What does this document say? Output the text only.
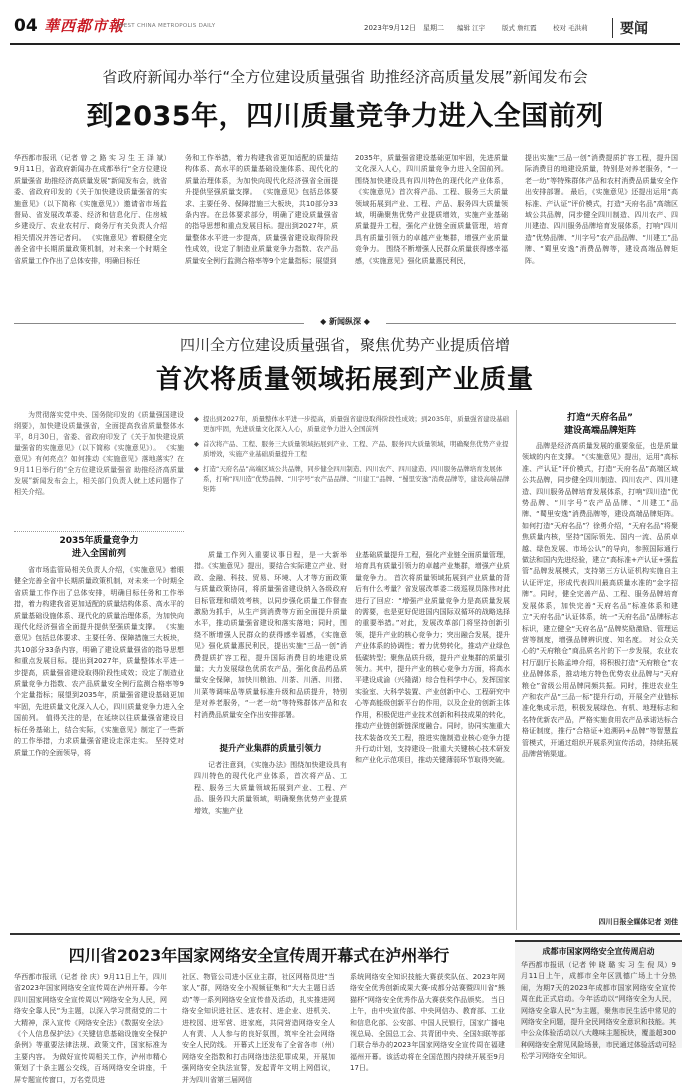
04 華西都市報
WEST CHINA METROPOLIS DAILY	2023年9月12日 星期二 编辑 江宇	版式 詹红霞	校对 毛洪莉 要闻
省政府新闻办举行“全方位建设质量强省 助推经济高质量发展”新闻发布会
到2035年，四川质量竞争力进入全国前列

华西都市报讯（记者 曾 之 路 实 习 生 王 泽 斌）9月11日，省政府新闻办在成都举行“全方位建设质量强省 助推经济高质量发展”新闻发布会，就省委、省政府印发的《关于加快建设质量强省的实施意见》（以下简称《实施意见》）邀请省市场监督局、省发展改革委、经济和信息化厅、住房城乡建设厅、农业农村厅、商务厅有关负责人介绍相关情况并答记者问。 《实施意见》着眼健全完善全省中长期质量政策机制，对未来一个时期全省质量工作作出了总体安排，明确目标任

务和工作举措，着力构建我省更加适配的质量结构体系、高水平的质量基础设施体系、现代化的质量治理体系，为加快向现代化经济强省全面提升提供坚强质量支撑。 《实施意见》包括总体要求、主要任务、保障措施三大板块，共10部分33条内容。在总体要求部分，明确了建设质量强省的指导思想和重点发展目标。提出到2027年，质量整体水平进一步提高，质量强省建设取得阶段性成效，设定了制造业质量竞争力指数、农产品质量安全例行监测合格率等9个定量指标；展望到

2035年，质量强省建设基础更加牢固，先进质量文化深入人心，四川质量竞争力进入全国前列。 围绕加快建设具有四川特色的现代化产业体系，《实施意见》首次将产品、工程、服务三大质量领域拓展到产业、工程、产品、服务四大质量领域，明确聚焦优势产业提质增效，实施产业基础质量提升工程，强化产业链全面质量管理，培育具有质量引领力的卓越产业集群，增强产业质量竞争力。 围绕不断增强人民群众质量获得感幸福感，《实施意见》强化质量惠民利民，

提出实施“三品一创”消费提质扩容工程，提升国际消费目的地建设质量，特别是对养老服务，“一老一幼”等特殊群体产品和农村消费品质量安全作出安排部署。 最后，《实施意见》还提出运用“高标准、产认证”评价模式，打造“天府名品”高端区域公共品牌，同步健全四川制造、四川农产、四川建造、四川服务品牌培育发展体系，打响“四川造”优势品牌、“川字号”农产品品牌、“川建工”品牌、“蜀里安逸”消费品牌等，建设高端品牌矩阵。

◆ 新闻纵深 ◆
四川全方位建设质量强省，聚焦优势产业提质倍增
首次将质量领域拓展到产业质量

为贯彻落实党中央、国务院印发的《质量强国建设纲要》，加快建设质量强省，全面提高我省质量整体水平，8月30日，省委、省政府印发了《关于加快建设质量强省的实施意见》（以下简称《实施意见》）。 《实施意见》有何亮点？如何推动《实施意见》落地落实？在9月11日举行的“全方位建设质量强省 助推经济高质量发展”新闻发布会上，相关部门负责人就上述问题作了相关介绍。

◆ 提出到2027年，质量整体水平进一步提高，质量强省建设取得阶段性成效；到2035年，质量强省建设基础更加牢固，先进质量文化深入人心，质量竞争力进入全国前列
◆ 首次将产品、工程、服务三大质量领域拓展到产业、工程、产品、服务四大质量领域，明确聚焦优势产业提质增效，实施产业基础质量提升工程
◆ 打造“天府名品”高端区域公共品牌，同步健全四川制造、四川农产、四川建造、四川服务品牌培育发展体系，打响“四川造”优势品牌、“川字号”农产品品牌、“川建工”品牌、“蜀里安逸”消费品牌等，建设高端品牌矩阵
2035年质量竞争力
进入全国前列

省市场监管局相关负责人介绍，《实施意见》着眼健全完善全省中长期质量政策机制，对未来一个时期全省质量工作作出了总体安排，明确目标任务和工作举措，着力构建我省更加适配的质量结构体系、高水平的质量基础设施体系、现代化的质量治理体系，为加快向现代化经济强省全面提升提供坚强质量支撑。 《实施意见》包括总体要求、主要任务、保障措施三大板块，共10部分33条内容，明确了建设质量强省的指导思想和重点发展目标。提出到2027年，质量整体水平进一步提高，质量强省建设取得阶段性成效；设定了制造业质量竞争力指数、农产品质量安全例行监测合格率等9个定量指标；展望到2035年，质量强省建设基础更加牢固，先进质量文化深入人心，四川质量竞争力进入全国前列。 值得关注的是，在延续以往质量强省建设目标任务基础上，结合实际，《实施意见》制定了一些新的工作举措，力求质量强省建设走深走实。 坚持党对质量工作的全面领导，将

质量工作列入重要议事日程，是一大新举措。《实施意见》提出，要结合实际建立产业、财政、金融、科技、贸易、环境、人才等方面政策与质量政策协同，将质量强省建设纳入各级政府目标管理和绩效考核，以同步强化质量工作督查激励为抓手，从生产到消费等方面全面提升质量水平，推动质量强省建设和落实落地；同时，围绕不断增强人民群众的获得感幸福感，《实施意见》强化质量惠民利民，提出实施“三品一创”消费提质扩容工程，提升国际消费目的地建设质量；大力发展绿色优质农产品，强化食品药品质量安全保障，加快川粮油、川茶、川酒、川猪、川菜等调味品等质量标准升级和品质提升，特别是对养老服务，“一老一幼”等特殊群体产品和农村消费品质量安全作出安排部署。

提升产业集群的质量引领力

记者注意到，《实施办法》围绕加快建设具有四川特色的现代化产业体系，首次将产品、工程、服务三大质量领域拓展到产业、工程、产品、服务四大质量领域，明确聚焦优势产业提质增效，实施产业

业基础质量提升工程，强化产业链全面质量管理，培育具有质量引领力的卓越产业集群，增强产业质量竞争力。 首次将质量领域拓展到产业质量的背后有什么考量？省发展改革委二级巡视员陈伟对此进行了回应：“增强产业质量竞争力是高质量发展的需要，也是更好促进国内国际双循环的战略选择的重要举措。”对此，发展改革部门将坚持创新引领，提升产业的核心竞争力；突出融合发展，提升产业体系的协调性；着力优势转化，推动产业绿色低碳转型；聚焦品质升级，提升产业集群的质量引领力。其中，提升产业的核心竞争力方面，将高水平建设成渝（兴隆湖）综合性科学中心，发挥国家实验室、大科学装置、产业创新中心、工程研究中心等高能级创新平台的作用，以及企业的创新主体作用，积极促进产业技术创新和科技成果的转化，推动产业链创新链深度融合。同时，协同实施重大技术装备攻关工程，推进实施制造业核心竞争力提升行动计划，支持建设一批重大关键核心技术研发和产业化示范项目，推动关键薄弱环节取得突破。

打造“天府名品”
建设高端品牌矩阵

品牌是经济高质量发展的重要象征，也是质量领域的内在支撑。 “《实施意见》提出，运用“高标准、产认证”评价模式，打造“天府名品”高端区域公共品牌，同步健全四川制造、四川农产、四川建造、四川服务品牌培育发展体系，打响“四川造”优势品牌、“川字号”农产品品牌、“川建工”品牌、“蜀里安逸”消费品牌等，建设高端品牌矩阵。 如何打造“天府名品”？徐勇介绍，“天府名品”将聚焦质量内核，坚持“国际领先、国内一流、品质卓越、绿色发展、市场公认”的导向，参照国际通行做法和国内先进经验，建立“高标准+产认证+强监管”品牌发展模式，支持第三方认证机构实施自主认证评定，形成代表四川最高质量水准的“金字招牌”。同时，健全完善产品、工程、服务品牌培育发展体系，加快完善“天府名品”标准体系和建立“天府名品”认证体系，统一“天府名品”品牌标志标识，建立健全“天府名品”品牌奖励激励、管理运营等制度，增强品牌辨识度、知名度。 对公众关心的“天府粮仓”商品质名片的下一步发展，农业农村厅副厅长陈孟坤介绍，将积极打造“天府粮仓”农业品牌体系，推动地方特色优势农业品牌与“天府粮仓”省级公用品牌同频共振。同时，推进农业生产和农产品“三品一标”提升行动，开展全产业链标准化集成示范，积极发展绿色、有机、地理标志和名特优新农产品，严格实施食用农产品承诺达标合格证制度，推行“合格证+追溯码+品牌”等智慧监管模式，开通过组织开展系列宣传活动，持续拓展品牌营销渠道。

四川日报全媒体记者 刘佳
四川省2023年国家网络安全宣传周开幕式在泸州举行

华西都市报讯（记者 徐 庆）9月11日上午，四川省2023年国家网络安全宣传周在泸州开幕。今年四川国家网络安全宣传周以“网络安全为人民，网络安全靠人民”为主题，以深入学习贯彻党的二十大精神，深入宣传《网络安全法》《数据安全法》《个人信息保护法》《关键信息基础设施安全保护条例》等重要法律法规、政策文件，国家标准为主要内容。 为做好宣传周相关工作，泸州市精心策划了十条主题公交线，百场网络安全讲座，千屏专题宣传窗口，万名党员进

社区、物管公司进小区业主群，社区网格员进“当家人”群，网络安全小视频征集和“大大主题日活动”等一系列网络安全宣传普及活动，扎实推进网络安全知识进社区、进农村、进企业、进机关、进校园、进军营、进家庭，共同营造网络安全人人有责、人人参与的良好氛围，筑牢全社会网络安全人民防线。 开幕式上还发布了全省各市（州）网络安全指数和打击网络违法犯罪成果，开展加强网络安全执法宣誓，发起青年文明上网倡议，并为四川省第三届网信

系统网络安全知识技能大赛获奖队伍、2023年网络安全优秀创新成果大赛-成都分站赛暨四川省“熊猫杯”网络安全优秀作品大赛获奖作品颁奖。 当日上午，由中央宣传部、中央网信办、教育部、工业和信息化部、公安部、中国人民银行，国家广播电视总局、全国总工会、共青团中央、全国妇联等部门联合举办的2023年国家网络安全宣传周在福建福州开幕。该活动将在全国范围内持续开展至9月17日。

成都市国家网络安全宣传周启动

华西都市报讯（记者 钟 晓 璐 实 习 生 倪 凤）9月11日上午，成都市全年区凯德广场上十分热闹，为期7天的2023年成都市国家网络安全宣传周在此正式启动。今年活动以“网络安全为人民，网络安全靠人民”为主题，聚焦市民生活中常见的网络安全问题，提升全民网络安全意识和技能。其中公众体验活动以八大趣味主题板块，覆盖超300种网络安全常见风险场景，市民通过体验活动可轻松学习网络安全知识。
